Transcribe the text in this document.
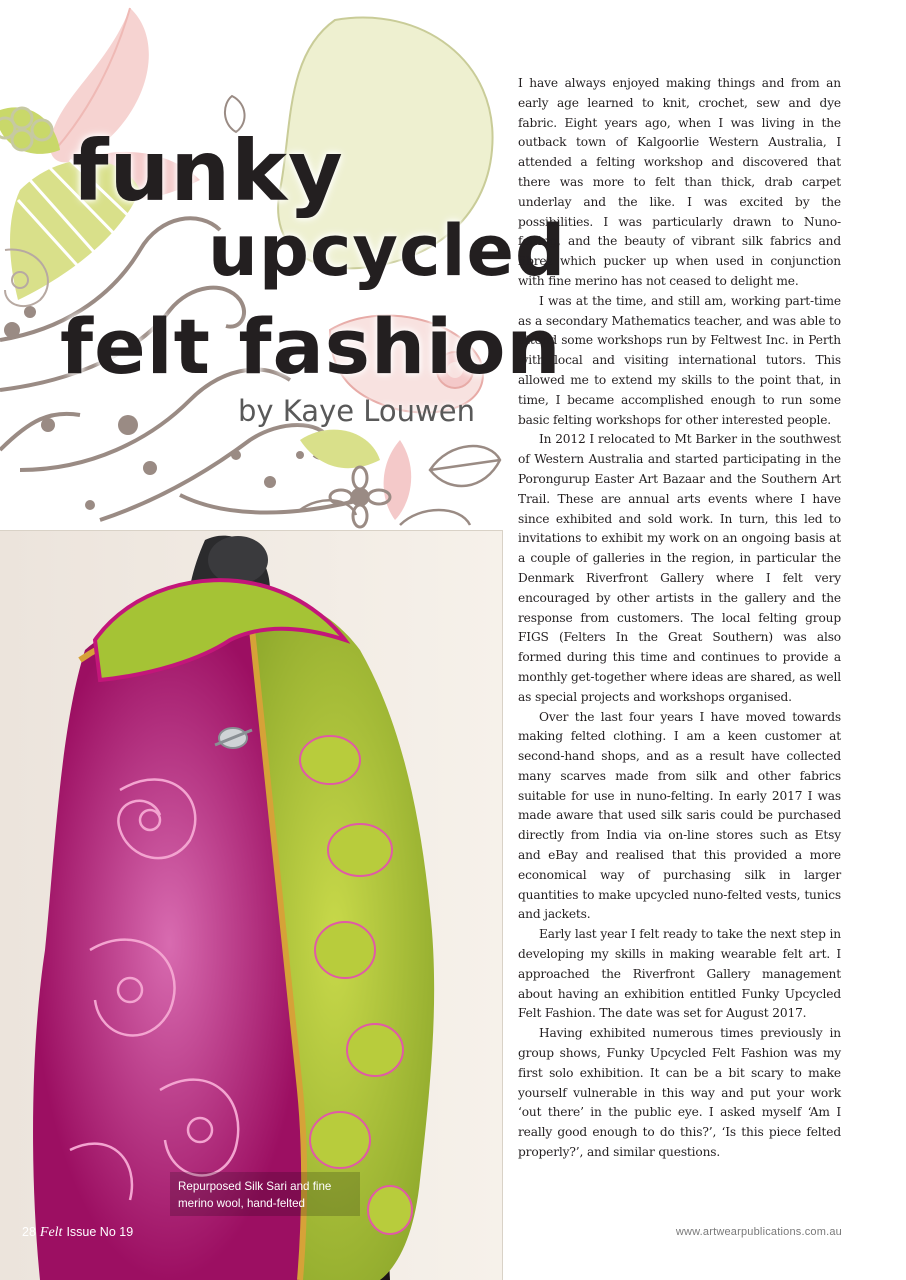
funky
upcycled
felt fashion

by Kaye Louwen

Repurposed Silk Sari and fine
merino wool, hand-felted

28 Felt Issue No 19	www.artwearpublications.com.au

I have always enjoyed making things and from an early age learned to knit, crochet, sew and dye fabric. Eight years ago, when I was living in the outback town of Kalgoorlie Western Australia, I attended a felting workshop and discovered that there was more to felt than thick, drab carpet underlay and the like. I was excited by the possibilities. I was particularly drawn to Nuno-felting, and the beauty of vibrant silk fabrics and fibres which pucker up when used in conjunction with fine merino has not ceased to delight me.

I was at the time, and still am, working part-time as a secondary Mathematics teacher, and was able to attend some workshops run by Feltwest Inc. in Perth with local and visiting international tutors. This allowed me to extend my skills to the point that, in time, I became accomplished enough to run some basic felting workshops for other interested people.

In 2012 I relocated to Mt Barker in the southwest of Western Australia and started participating in the Porongurup Easter Art Bazaar and the Southern Art Trail. These are annual arts events where I have since exhibited and sold work. In turn, this led to invitations to exhibit my work on an ongoing basis at a couple of galleries in the region, in particular the Denmark Riverfront Gallery where I felt very encouraged by other artists in the gallery and the response from customers. The local felting group FIGS (Felters In the Great Southern) was also formed during this time and continues to provide a monthly get-together where ideas are shared, as well as special projects and workshops organised.

Over the last four years I have moved towards making felted clothing. I am a keen customer at second-hand shops, and as a result have collected many scarves made from silk and other fabrics suitable for use in nuno-felting. In early 2017 I was made aware that used silk saris could be purchased directly from India via on-line stores such as Etsy and eBay and realised that this provided a more economical way of purchasing silk in larger quantities to make upcycled nuno-felted vests, tunics and jackets.

Early last year I felt ready to take the next step in developing my skills in making wearable felt art. I approached the Riverfront Gallery management about having an exhibition entitled Funky Upcycled Felt Fashion. The date was set for August 2017.

Having exhibited numerous times previously in group shows, Funky Upcycled Felt Fashion was my first solo exhibition. It can be a bit scary to make yourself vulnerable in this way and put your work ‘out there’ in the public eye. I asked myself ‘Am I really good enough to do this?’, ‘Is this piece felted properly?’, and similar questions.
